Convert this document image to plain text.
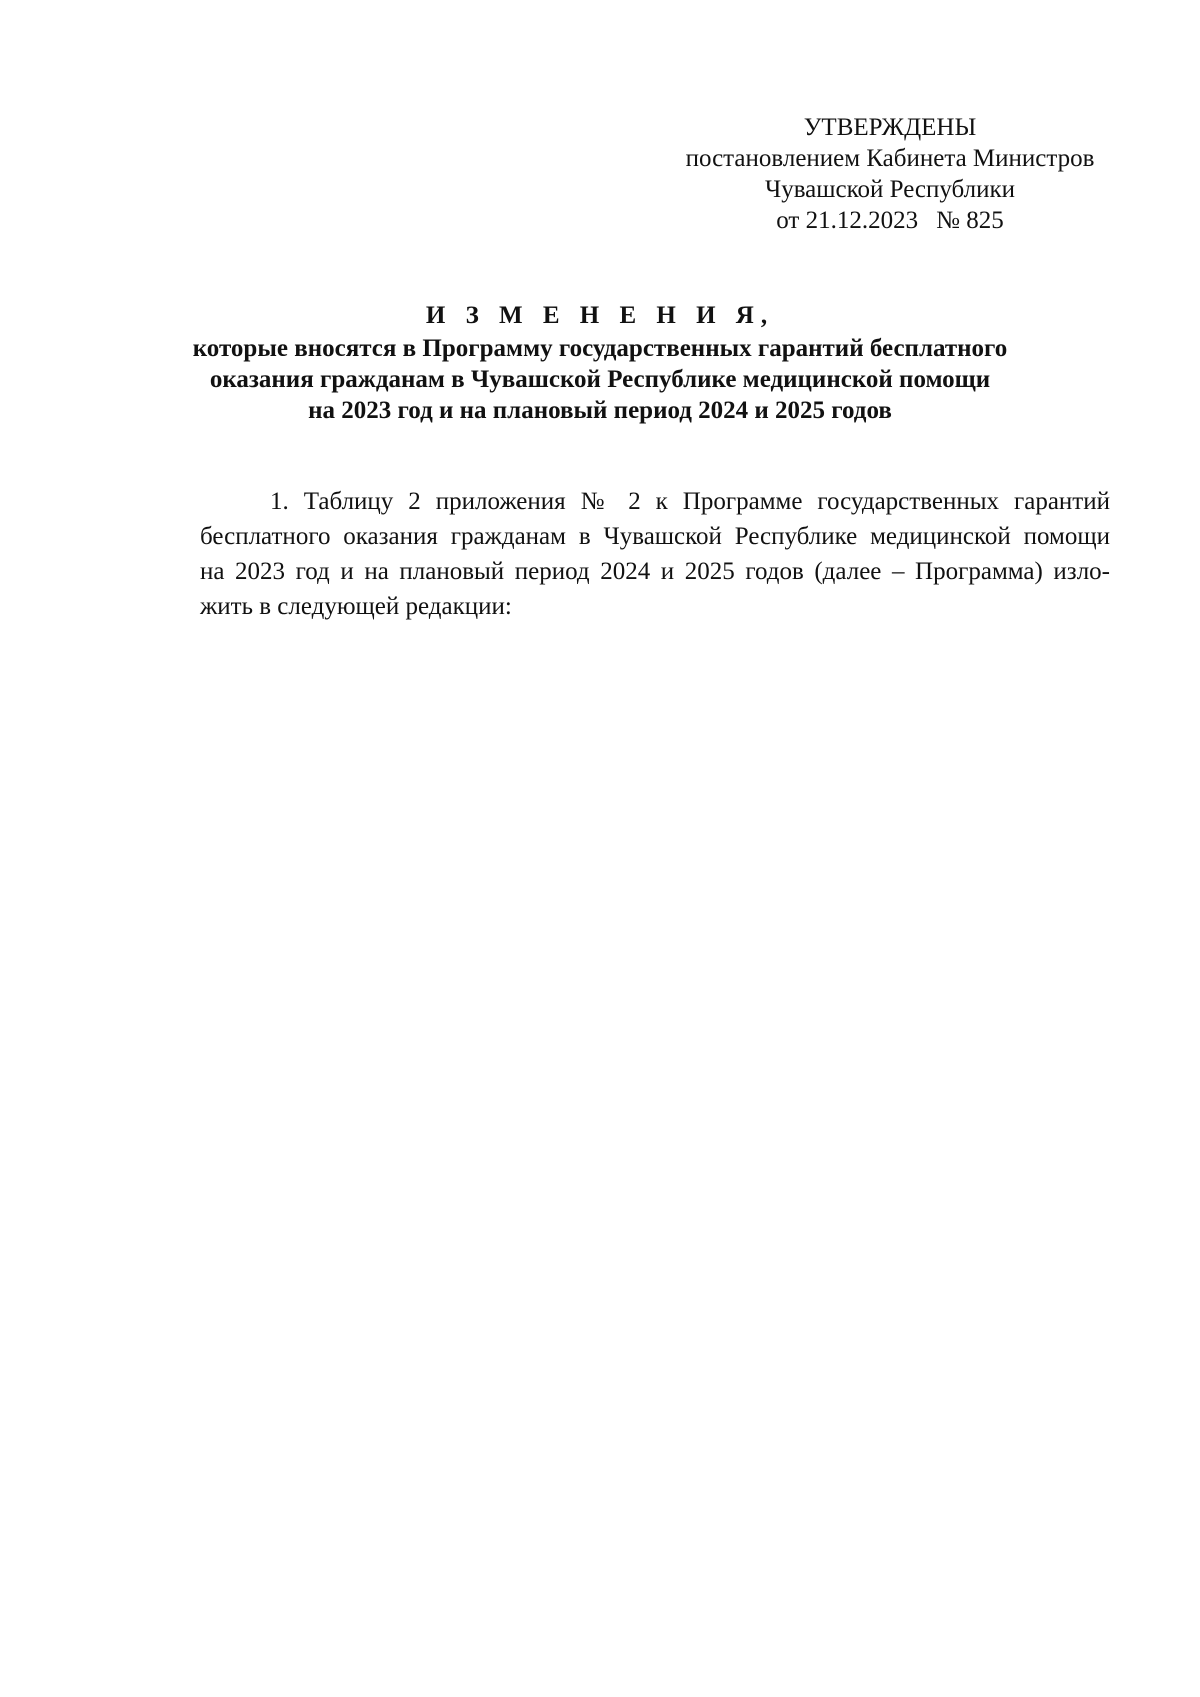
УТВЕРЖДЕНЫ
постановлением Кабинета Министров
Чувашской Республики
от 21.12.2023 № 825
И З М Е Н Е Н И Я,
которые вносятся в Программу государственных гарантий бесплатного
оказания гражданам в Чувашской Республике медицинской помощи
на 2023 год и на плановый период 2024 и 2025 годов
1. Таблицу 2 приложения № 2 к Программе государственных гарантий
бесплатного оказания гражданам в Чувашской Республике медицинской помощи
на 2023 год и на плановый период 2024 и 2025 годов (далее – Программа) изло-
жить в следующей редакции:
